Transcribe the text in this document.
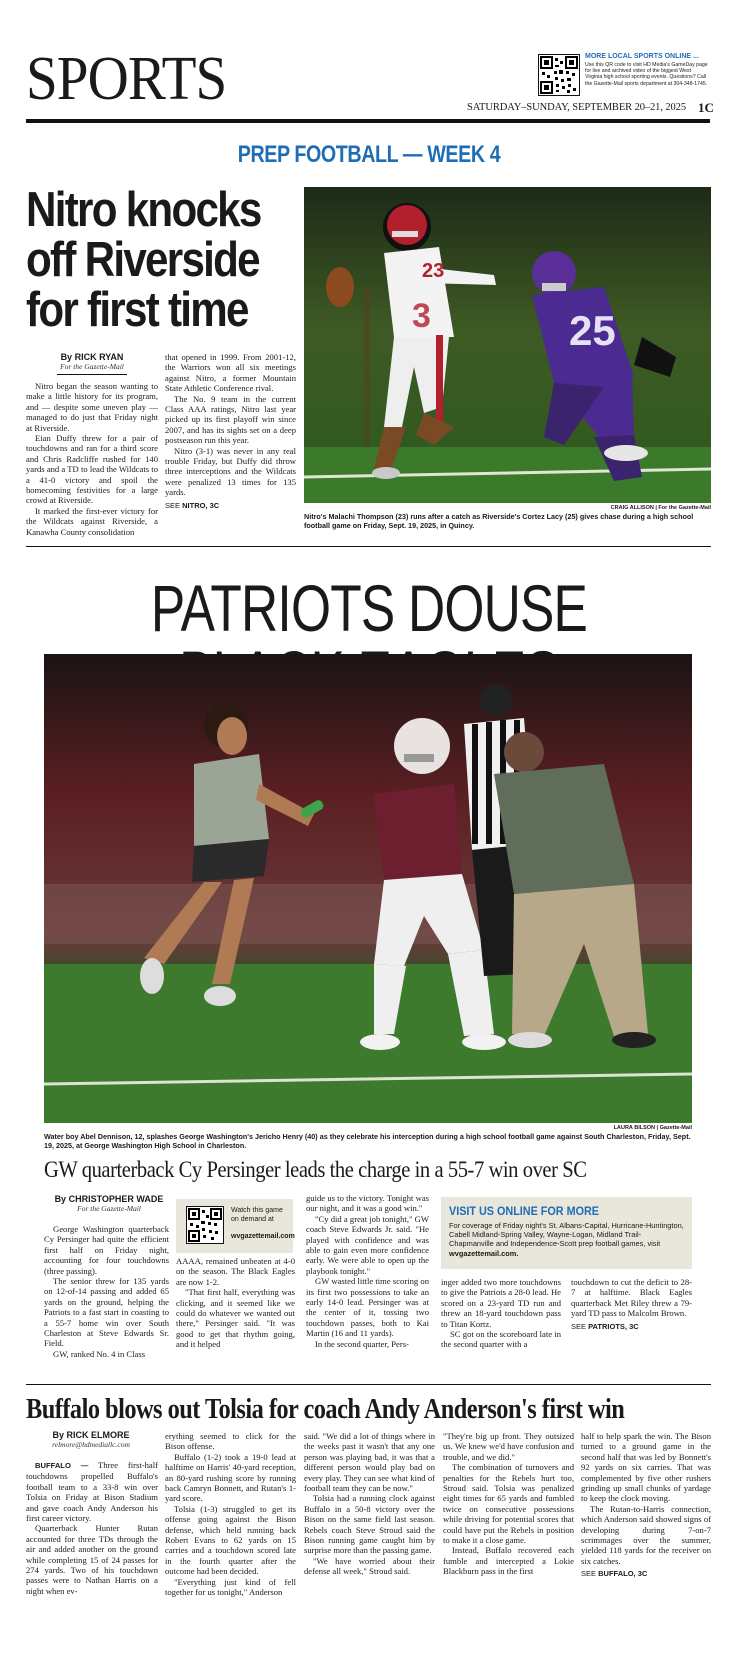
SPORTS	MORE LOCAL SPORTS ONLINE ...
Use this QR code to visit HD Media's GameDay page for live and archived video of the biggest West Virginia high school sporting events. Questions? Call the Gazette-Mail sports department at 304-348-1745.
SATURDAY–SUNDAY, SEPTEMBER 20–21, 2025 1C
PREP FOOTBALL — WEEK 4
Nitro knocks
off Riverside
for first time
By RICK RYAN
For the Gazette-Mail

Nitro began the season wanting to make a little history for its program, and — despite some uneven play — managed to do just that Friday night at Riverside.

Eian Duffy threw for a pair of touchdowns and ran for a third score and Chris Radcliffe rushed for 140 yards and a TD to lead the Wildcats to a 41-0 victory and spoil the homecoming festivities for a large crowd at Riverside.

It marked the first-ever victory for the Wildcats against Riverside, a Kanawha County consolidation

that opened in 1999. From 2001-12, the Warriors won all six meetings against Nitro, a former Mountain State Athletic Conference rival.

The No. 9 team in the current Class AAA ratings, Nitro last year picked up its first playoff win since 2007, and has its sights set on a deep postseason run this year.

Nitro (3-1) was never in any real trouble Friday, but Duffy did throw three interceptions and the Wildcats were penalized 13 times for 135 yards.

SEE NITRO, 3C
23
3	25
CRAIG ALLISON | For the Gazette-Mail
Nitro's Malachi Thompson (23) runs after a catch as Riverside's Cortez Lacy (25) gives chase during a high school football game on Friday, Sept. 19, 2025, in Quincy.
PATRIOTS DOUSE
LAURA BILSON | Gazette-Mail
Water boy Abel Dennison, 12, splashes George Washington's Jericho Henry (40) as they celebrate his interception during a high school football game against South Charleston, Friday, Sept. 19, 2025, at George Washington High School in Charleston.
GW quarterback Cy Persinger leads the charge in a 55-7 win over SC
By CHRISTOPHER WADE
For the Gazette-Mail

George Washington quarterback Cy Persinger had quite the efficient first half on Friday night, accounting for four touchdowns (three passing).

The senior threw for 135 yards on 12-of-14 passing and added 65 yards on the ground, helping the Patriots to a fast start in coasting to a 55-7 home win over South Charleston at Steve Edwards Sr. Field.

GW, ranked No. 4 in Class

Watch this game on demand at
wvgazettemail.com

AAAA, remained unbeaten at 4-0 on the season. The Black Eagles are now 1-2.

"That first half, everything was clicking, and it seemed like we could do whatever we wanted out there," Persinger said. "It was good to get that rhythm going, and it helped

guide us to the victory. Tonight was our night, and it was a good win."

"Cy did a great job tonight," GW coach Steve Edwards Jr. said. "He played with confidence and was able to gain even more confidence early. We were able to open up the playbook tonight."

GW wasted little time scoring on its first two possessions to take an early 14-0 lead. Persinger was at the center of it, tossing two touchdown passes, both to Kai Martin (16 and 11 yards).

In the second quarter, Pers-

VISIT US ONLINE FOR MORE
For coverage of Friday night's St. Albans-Capital, Hurricane-Huntington, Cabell Midland-Spring Valley, Wayne-Logan, Midland Trail-Chapmanville and Independence-Scott prep football games, visit wvgazettemail.com.

inger added two more touchdowns to give the Patriots a 28-0 lead. He scored on a 23-yard TD run and threw an 18-yard touchdown pass to Titan Kortz.

SC got on the scoreboard late in the second quarter with a

touchdown to cut the deficit to 28-7 at halftime. Black Eagles quarterback Met Riley threw a 79-yard TD pass to Malcolm Brown.

SEE PATRIOTS, 3C
Buffalo blows out Tolsia for coach Andy Anderson's first win
By RICK ELMORE
relmore@hdmediallc.com

BUFFALO — Three first-half touchdowns propelled Buffalo's football team to a 33-8 win over Tolsia on Friday at Bison Stadium and gave coach Andy Anderson his first career victory.

Quarterback Hunter Rutan accounted for three TDs through the air and added another on the ground while completing 15 of 24 passes for 274 yards. Two of his touchdown passes were to Nathan Harris on a night when ev-

erything seemed to click for the Bison offense.

Buffalo (1-2) took a 19-0 lead at halftime on Harris' 40-yard reception, an 80-yard rushing score by running back Camryn Bonnett, and Rutan's 1-yard score.

Tolsia (1-3) struggled to get its offense going against the Bison defense, which held running back Robert Evans to 62 yards on 15 carries and a touchdown scored late in the fourth quarter after the outcome had been decided.

"Everything just kind of fell together for us tonight," Anderson

said. "We did a lot of things where in the weeks past it wasn't that any one person was playing bad, it was that a different person would play bad on every play. They can see what kind of football team they can be now."

Tolsia had a running clock against Buffalo in a 50-8 victory over the Bison on the same field last season. Rebels coach Steve Stroud said the Bison running game caught him by surprise more than the passing game.

"We have worried about their defense all week," Stroud said.

"They're big up front. They outsized us. We knew we'd have confusion and trouble, and we did."

The combination of turnovers and penalties for the Rebels hurt too, Stroud said. Tolsia was penalized eight times for 65 yards and fumbled twice on consecutive possessions while driving for potential scores that could have put the Rebels in position to make it a close game.

Instead, Buffalo recovered each fumble and intercepted a Lokie Blackburn pass in the first

half to help spark the win. The Bison turned to a ground game in the second half that was led by Bonnett's 92 yards on six carries. That was complemented by five other rushers grinding up small chunks of yardage to keep the clock moving.

The Rutan-to-Harris connection, which Anderson said showed signs of developing during 7-on-7 scrimmages over the summer, yielded 118 yards for the receiver on six catches.

SEE BUFFALO, 3C
